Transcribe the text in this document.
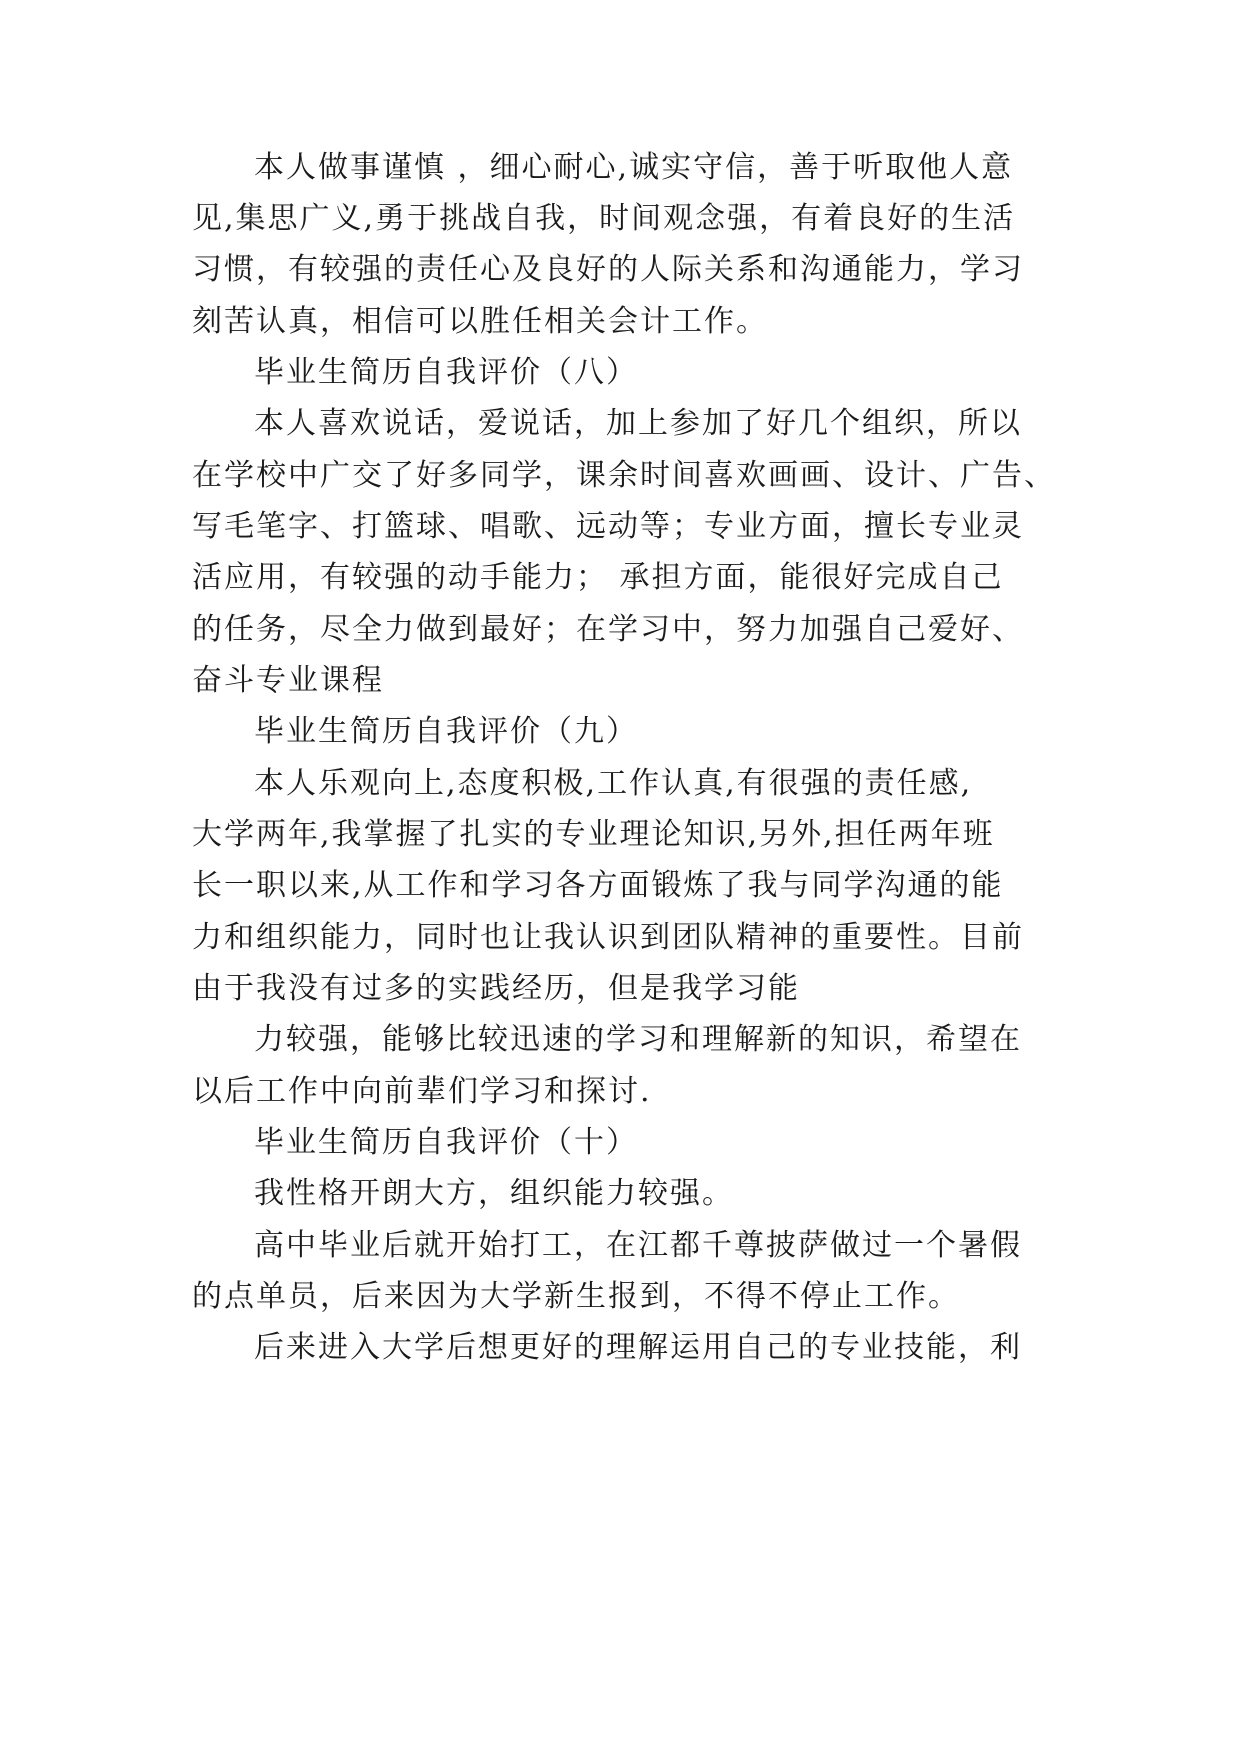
本人做事谨慎 ，细心耐心,诚实守信，善于听取他人意
见,集思广义,勇于挑战自我，时间观念强，有着良好的生活
习惯，有较强的责任心及良好的人际关系和沟通能力，学习
刻苦认真，相信可以胜任相关会计工作。
毕业生简历自我评价（八）
本人喜欢说话，爱说话，加上参加了好几个组织，所以
在学校中广交了好多同学，课余时间喜欢画画、设计、广告、
写毛笔字、打篮球、唱歌、远动等；专业方面，擅长专业灵
活应用，有较强的动手能力； 承担方面，能很好完成自己
的任务，尽全力做到最好；在学习中，努力加强自己爱好、
奋斗专业课程
毕业生简历自我评价（九）
本人乐观向上,态度积极,工作认真,有很强的责任感,
大学两年,我掌握了扎实的专业理论知识,另外,担任两年班
长一职以来,从工作和学习各方面锻炼了我与同学沟通的能
力和组织能力，同时也让我认识到团队精神的重要性。目前
由于我没有过多的实践经历，但是我学习能
力较强，能够比较迅速的学习和理解新的知识，希望在
以后工作中向前辈们学习和探讨.
毕业生简历自我评价（十）
我性格开朗大方，组织能力较强。
高中毕业后就开始打工，在江都千尊披萨做过一个暑假
的点单员，后来因为大学新生报到，不得不停止工作。
后来进入大学后想更好的理解运用自己的专业技能，利
